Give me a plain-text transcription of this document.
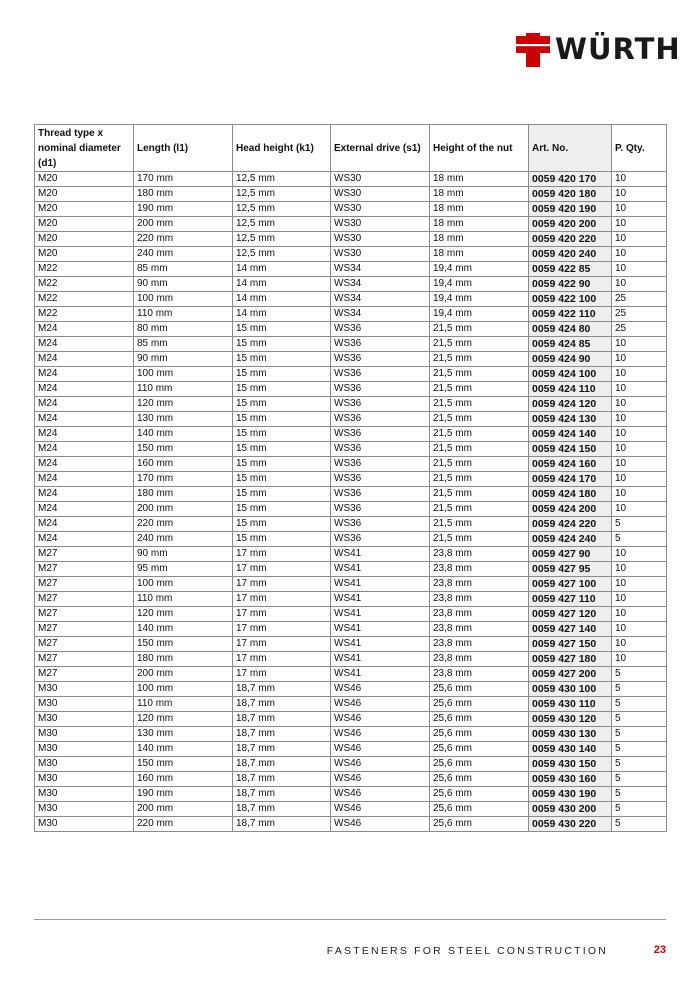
WÜRTH
Thread type x nominal diameter (d1)	Length (l1)	Head height (k1)	External drive (s1)	Height of the nut	Art. No.	P. Qty.
M20	170 mm	12,5 mm	WS30	18 mm	0059 420 170	10
M20	180 mm	12,5 mm	WS30	18 mm	0059 420 180	10
M20	190 mm	12,5 mm	WS30	18 mm	0059 420 190	10
M20	200 mm	12,5 mm	WS30	18 mm	0059 420 200	10
M20	220 mm	12,5 mm	WS30	18 mm	0059 420 220	10
M20	240 mm	12,5 mm	WS30	18 mm	0059 420 240	10
M22	85 mm	14 mm	WS34	19,4 mm	0059 422 85	10
M22	90 mm	14 mm	WS34	19,4 mm	0059 422 90	10
M22	100 mm	14 mm	WS34	19,4 mm	0059 422 100	25
M22	110 mm	14 mm	WS34	19,4 mm	0059 422 110	25
M24	80 mm	15 mm	WS36	21,5 mm	0059 424 80	25
M24	85 mm	15 mm	WS36	21,5 mm	0059 424 85	10
M24	90 mm	15 mm	WS36	21,5 mm	0059 424 90	10
M24	100 mm	15 mm	WS36	21,5 mm	0059 424 100	10
M24	110 mm	15 mm	WS36	21,5 mm	0059 424 110	10
M24	120 mm	15 mm	WS36	21,5 mm	0059 424 120	10
M24	130 mm	15 mm	WS36	21,5 mm	0059 424 130	10
M24	140 mm	15 mm	WS36	21,5 mm	0059 424 140	10
M24	150 mm	15 mm	WS36	21,5 mm	0059 424 150	10
M24	160 mm	15 mm	WS36	21,5 mm	0059 424 160	10
M24	170 mm	15 mm	WS36	21,5 mm	0059 424 170	10
M24	180 mm	15 mm	WS36	21,5 mm	0059 424 180	10
M24	200 mm	15 mm	WS36	21,5 mm	0059 424 200	10
M24	220 mm	15 mm	WS36	21,5 mm	0059 424 220	5
M24	240 mm	15 mm	WS36	21,5 mm	0059 424 240	5
M27	90 mm	17 mm	WS41	23,8 mm	0059 427 90	10
M27	95 mm	17 mm	WS41	23,8 mm	0059 427 95	10
M27	100 mm	17 mm	WS41	23,8 mm	0059 427 100	10
M27	110 mm	17 mm	WS41	23,8 mm	0059 427 110	10
M27	120 mm	17 mm	WS41	23,8 mm	0059 427 120	10
M27	140 mm	17 mm	WS41	23,8 mm	0059 427 140	10
M27	150 mm	17 mm	WS41	23,8 mm	0059 427 150	10
M27	180 mm	17 mm	WS41	23,8 mm	0059 427 180	10
M27	200 mm	17 mm	WS41	23,8 mm	0059 427 200	5
M30	100 mm	18,7 mm	WS46	25,6 mm	0059 430 100	5
M30	110 mm	18,7 mm	WS46	25,6 mm	0059 430 110	5
M30	120 mm	18,7 mm	WS46	25,6 mm	0059 430 120	5
M30	130 mm	18,7 mm	WS46	25,6 mm	0059 430 130	5
M30	140 mm	18,7 mm	WS46	25,6 mm	0059 430 140	5
M30	150 mm	18,7 mm	WS46	25,6 mm	0059 430 150	5
M30	160 mm	18,7 mm	WS46	25,6 mm	0059 430 160	5
M30	190 mm	18,7 mm	WS46	25,6 mm	0059 430 190	5
M30	200 mm	18,7 mm	WS46	25,6 mm	0059 430 200	5
M30	220 mm	18,7 mm	WS46	25,6 mm	0059 430 220	5
FASTENERS FOR STEEL CONSTRUCTION	23
